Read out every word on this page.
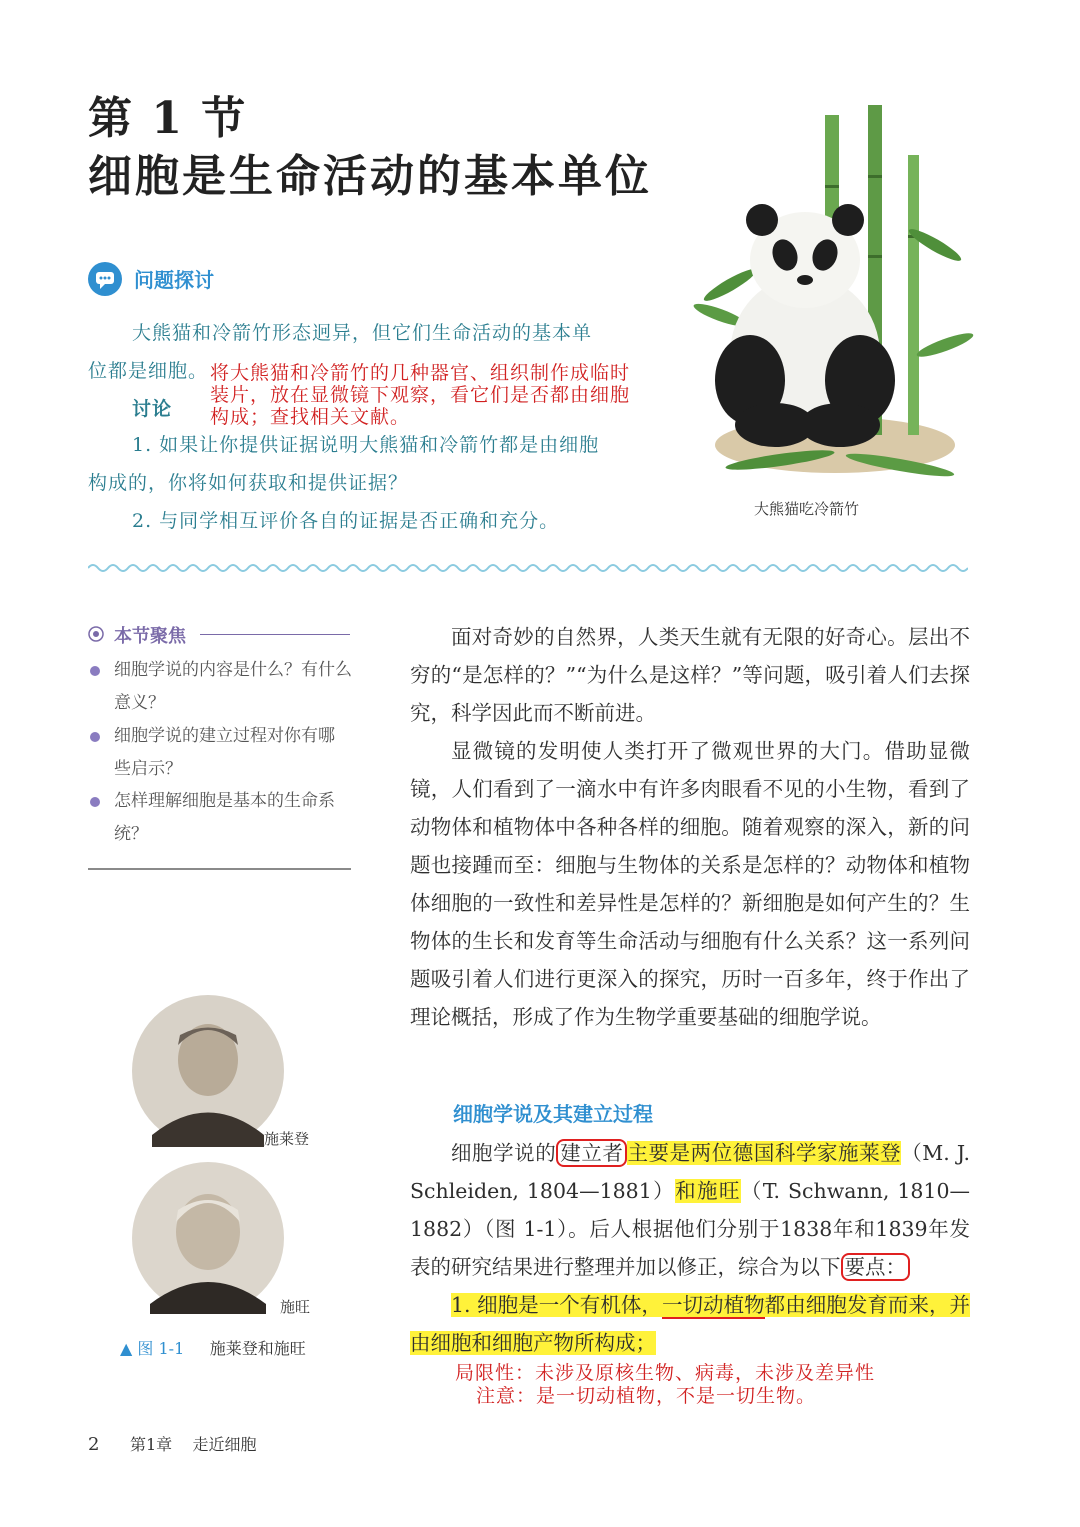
第 1 节
细胞是生命活动的基本单位
大熊猫吃冷箭竹
问题探讨
大熊猫和冷箭竹形态迥异，但它们生命活动的基本单
位都是细胞。 将大熊猫和冷箭竹的几种器官、组织制作成临时
装片，放在显微镜下观察，看它们是否都由细胞
构成；查找相关文献。
讨论
1. 如果让你提供证据说明大熊猫和冷箭竹都是由细胞
构成的，你将如何获取和提供证据？
2. 与同学相互评价各自的证据是否正确和充分。
本节聚焦
细胞学说的内容是什么？有什么
意义？
细胞学说的建立过程对你有哪
些启示？
怎样理解细胞是基本的生命系
统？
面对奇妙的自然界，人类天生就有无限的好奇心。层出不穷的“是怎样的？”“为什么是这样？”等问题，吸引着人们去探究，科学因此而不断前进。
显微镜的发明使人类打开了微观世界的大门。借助显微镜，人们看到了一滴水中有许多肉眼看不见的小生物，看到了动物体和植物体中各种各样的细胞。随着观察的深入，新的问题也接踵而至：细胞与生物体的关系是怎样的？动物体和植物体细胞的一致性和差异性是怎样的？新细胞是如何产生的？生物体的生长和发育等生命活动与细胞有什么关系？这一系列问题吸引着人们进行更深入的探究，历时一百多年，终于作出了理论概括，形成了作为生物学重要基础的细胞学说。
细胞学说及其建立过程
细胞学说的 建立者 主要是两位德国科学家施莱登（M. J. Schleiden, 1804—1881）和施旺（T. Schwann, 1810—1882）（图 1-1）。后人根据他们分别于1838年和1839年发表的研究结果进行整理并加以修正，综合为以下 要点：
1. 细胞是一个有机体，一切动植物都由细胞发育而来，并由细胞和细胞产物所构成；
局限性：未涉及原核生物、病毒，未涉及差异性
注意：是一切动植物，不是一切生物。
施莱登
施旺
▲ 图 1-1 施莱登和施旺
2 第1章 走近细胞
